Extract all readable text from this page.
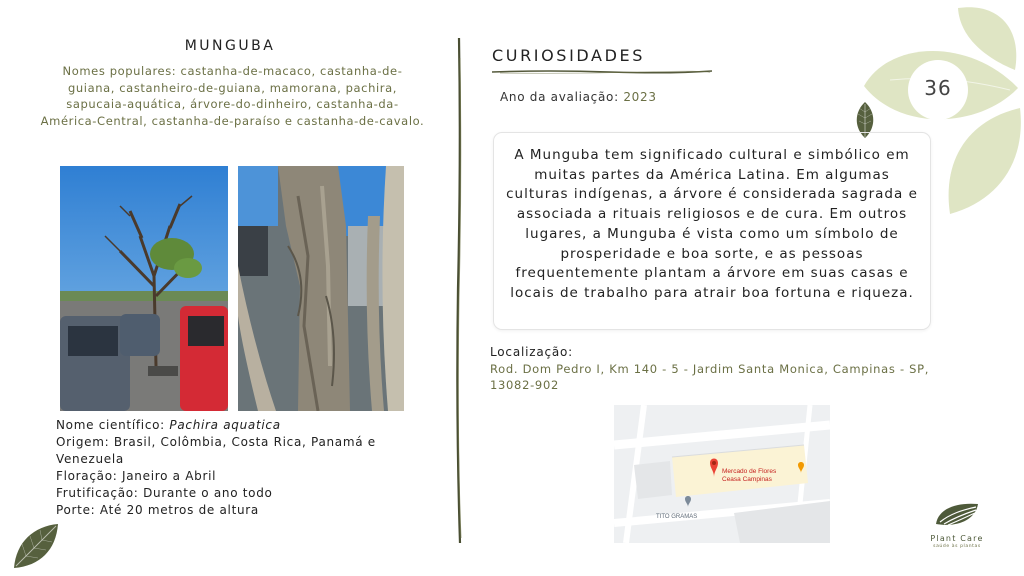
36
MUNGUBA
Nomes populares: castanha-de-macaco, castanha-de-guiana, castanheiro-de-guiana, mamorana, pachira, sapucaia-aquática, árvore-do-dinheiro, castanha-da-América-Central, castanha-de-paraíso e castanha-de-cavalo.

Nome científico: Pachira aquatica

Origem: Brasil, Colômbia, Costa Rica, Panamá e Venezuela

Floração: Janeiro a Abril

Frutificação: Durante o ano todo

Porte: Até 20 metros de altura

CURIOSIDADES
Ano da avaliação: 2023
A Munguba tem significado cultural e simbólico em muitas partes da América Latina. Em algumas culturas indígenas, a árvore é considerada sagrada e associada a rituais religiosos e de cura. Em outros lugares, a Munguba é vista como um símbolo de prosperidade e boa sorte, e as pessoas frequentemente plantam a árvore em suas casas e locais de trabalho para atrair boa fortuna e riqueza.
Localização:
Rod. Dom Pedro I, Km 140 - 5 - Jardim Santa Monica, Campinas - SP, 13082-902
Mercado de Flores
Ceasa Campinas
TITO GRAMAS
Plant Care
saúde às plantas
